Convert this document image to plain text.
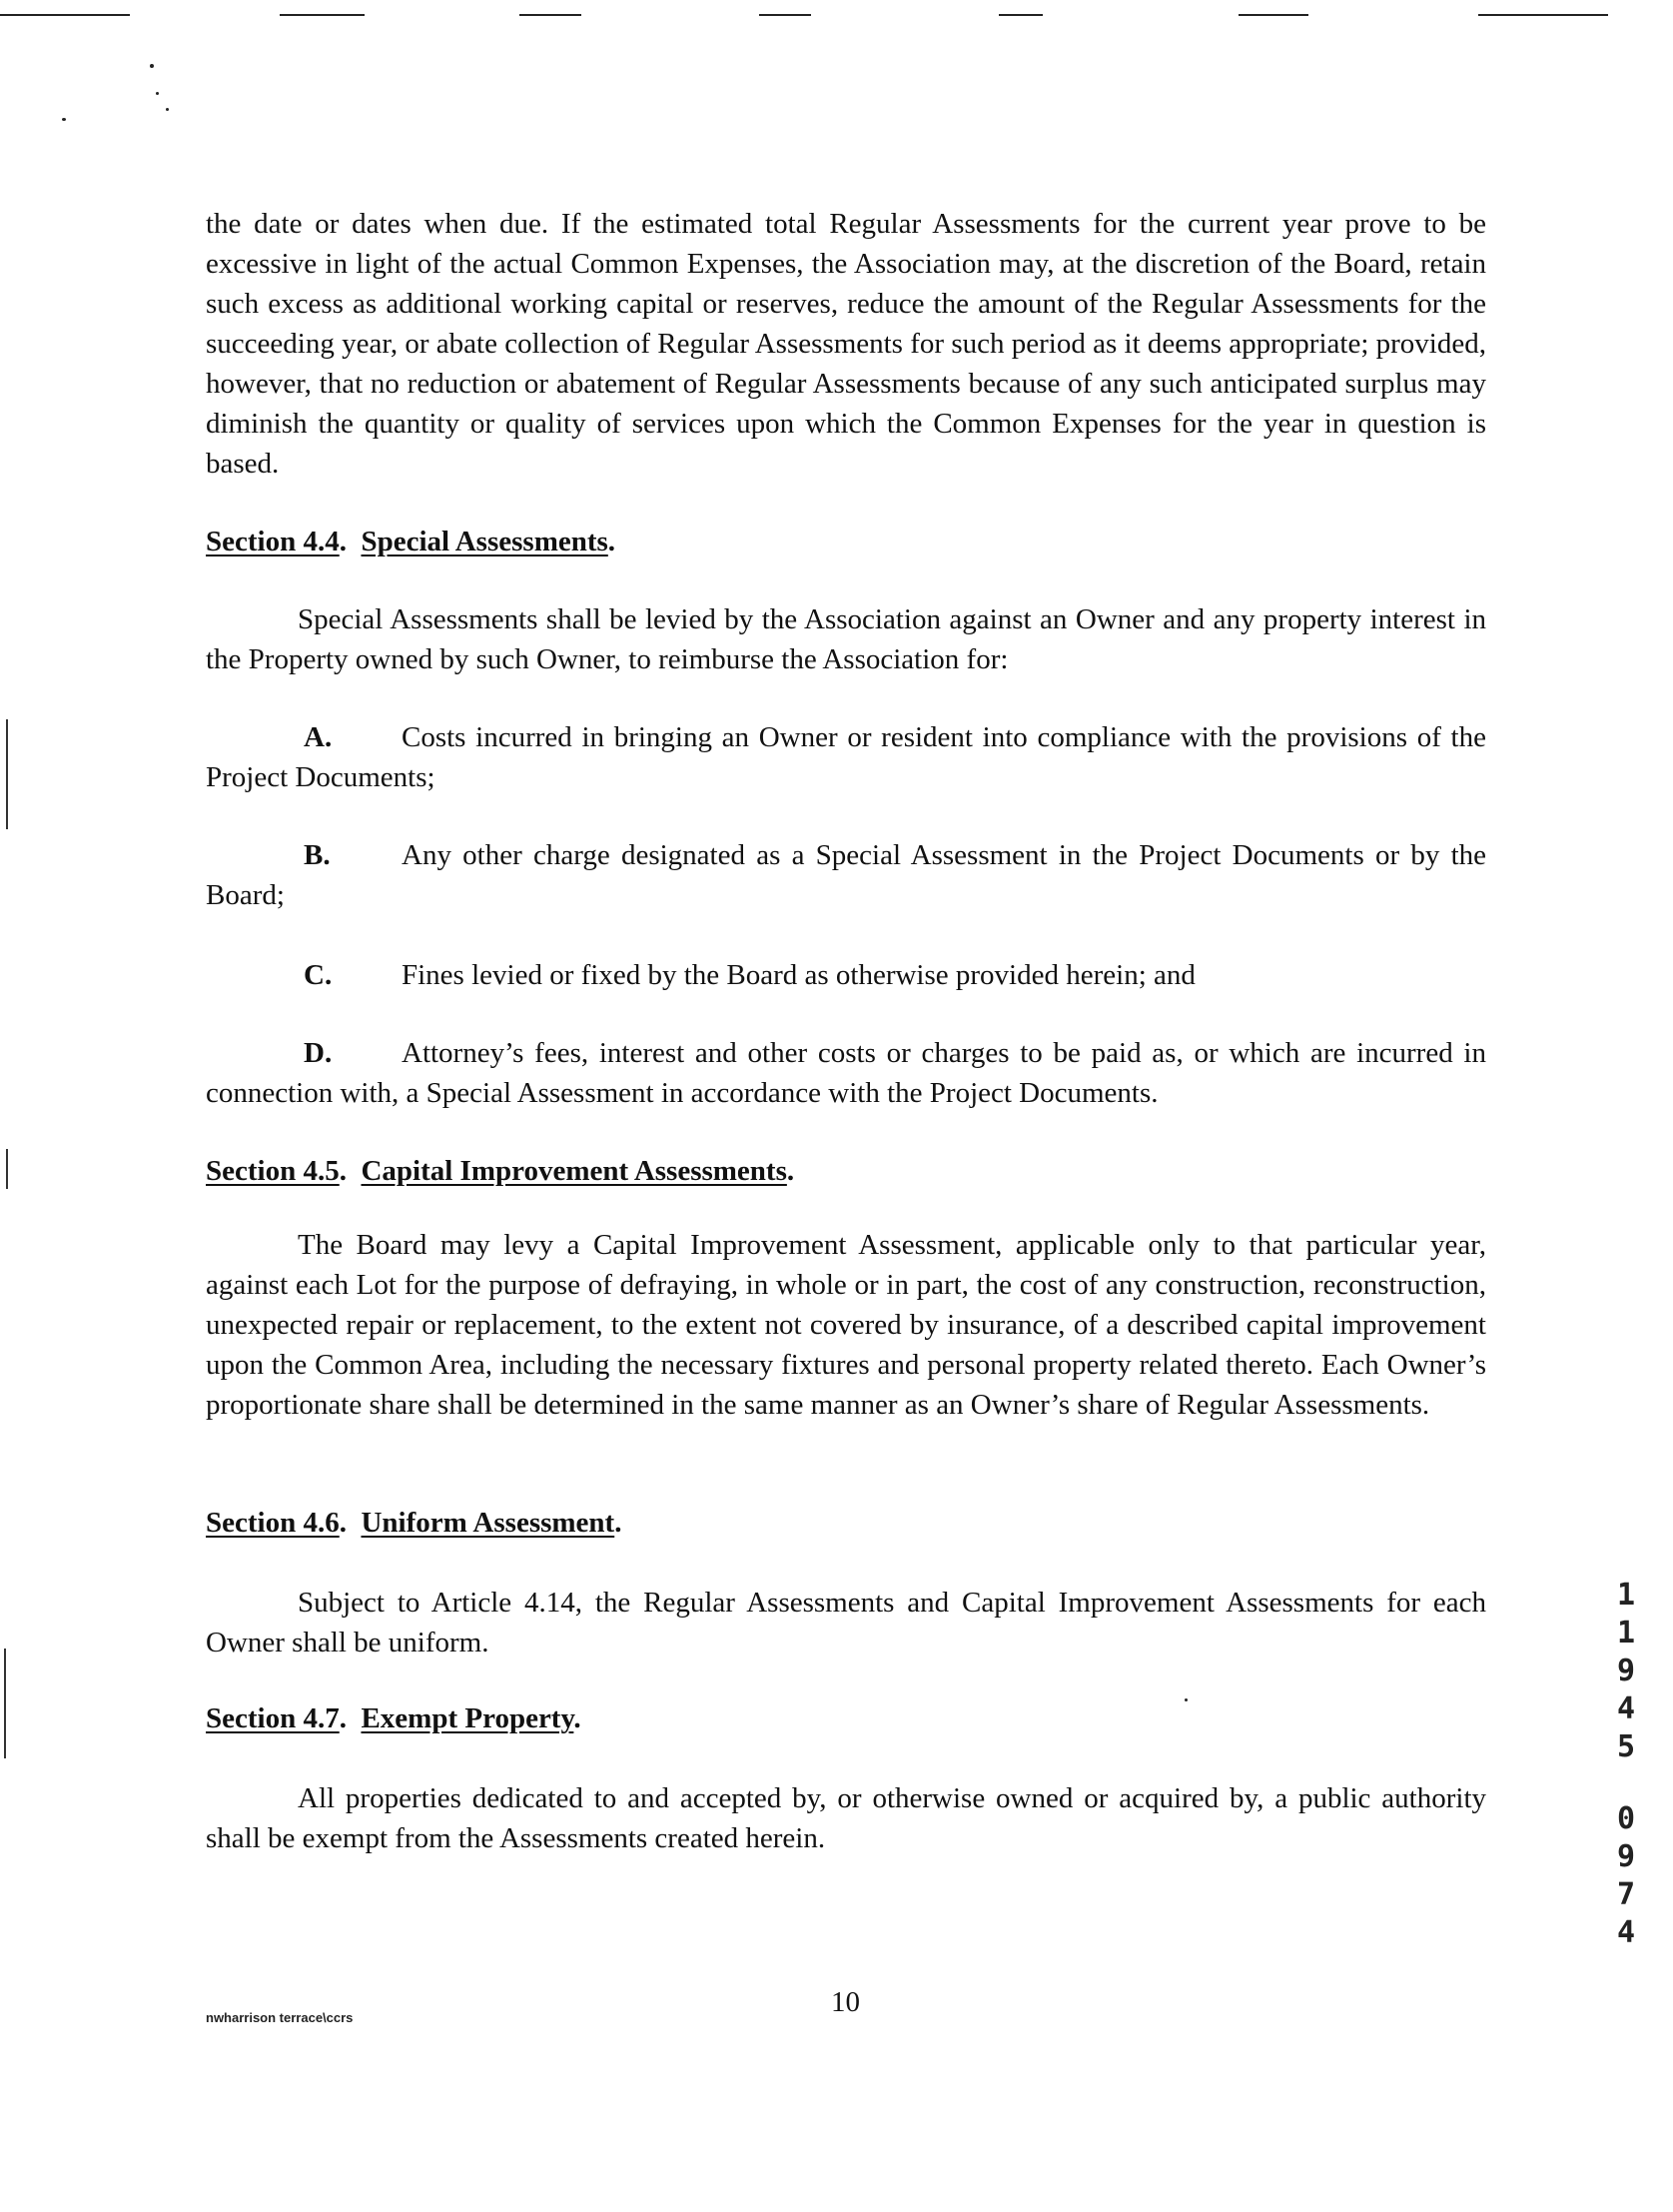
the date or dates when due. If the estimated total Regular Assessments for the current year prove to be excessive in light of the actual Common Expenses, the Association may, at the discretion of the Board, retain such excess as additional working capital or reserves, reduce the amount of the Regular Assessments for the succeeding year, or abate collection of Regular Assessments for such period as it deems appropriate; provided, however, that no reduction or abatement of Regular Assessments because of any such anticipated surplus may diminish the quantity or quality of services upon which the Common Expenses for the year in question is based.

Section 4.4.  Special Assessments.

Special Assessments shall be levied by the Association against an Owner and any property interest in the Property owned by such Owner, to reimburse the Association for:

A. Costs incurred in bringing an Owner or resident into compliance with the provisions of the Project Documents;

B. Any other charge designated as a Special Assessment in the Project Documents or by the Board;

C. Fines levied or fixed by the Board as otherwise provided herein; and

D. Attorney’s fees, interest and other costs or charges to be paid as, or which are incurred in connection with, a Special Assessment in accordance with the Project Documents.

Section 4.5.  Capital Improvement Assessments.

The Board may levy a Capital Improvement Assessment, applicable only to that particular year, against each Lot for the purpose of defraying, in whole or in part, the cost of any construction, reconstruction, unexpected repair or replacement, to the extent not covered by insurance, of a described capital improvement upon the Common Area, including the necessary fixtures and personal property related thereto. Each Owner’s proportionate share shall be determined in the same manner as an Owner’s share of Regular Assessments.

Section 4.6.  Uniform Assessment.

Subject to Article 4.14, the Regular Assessments and Capital Improvement Assessments for each Owner shall be uniform.

Section 4.7.  Exempt Property.

All properties dedicated to and accepted by, or otherwise owned or acquired by, a public authority shall be exempt from the Assessments created herein.

nwharrison terrace\ccrs	10

1
1
9
4
5
0
9
7
4
